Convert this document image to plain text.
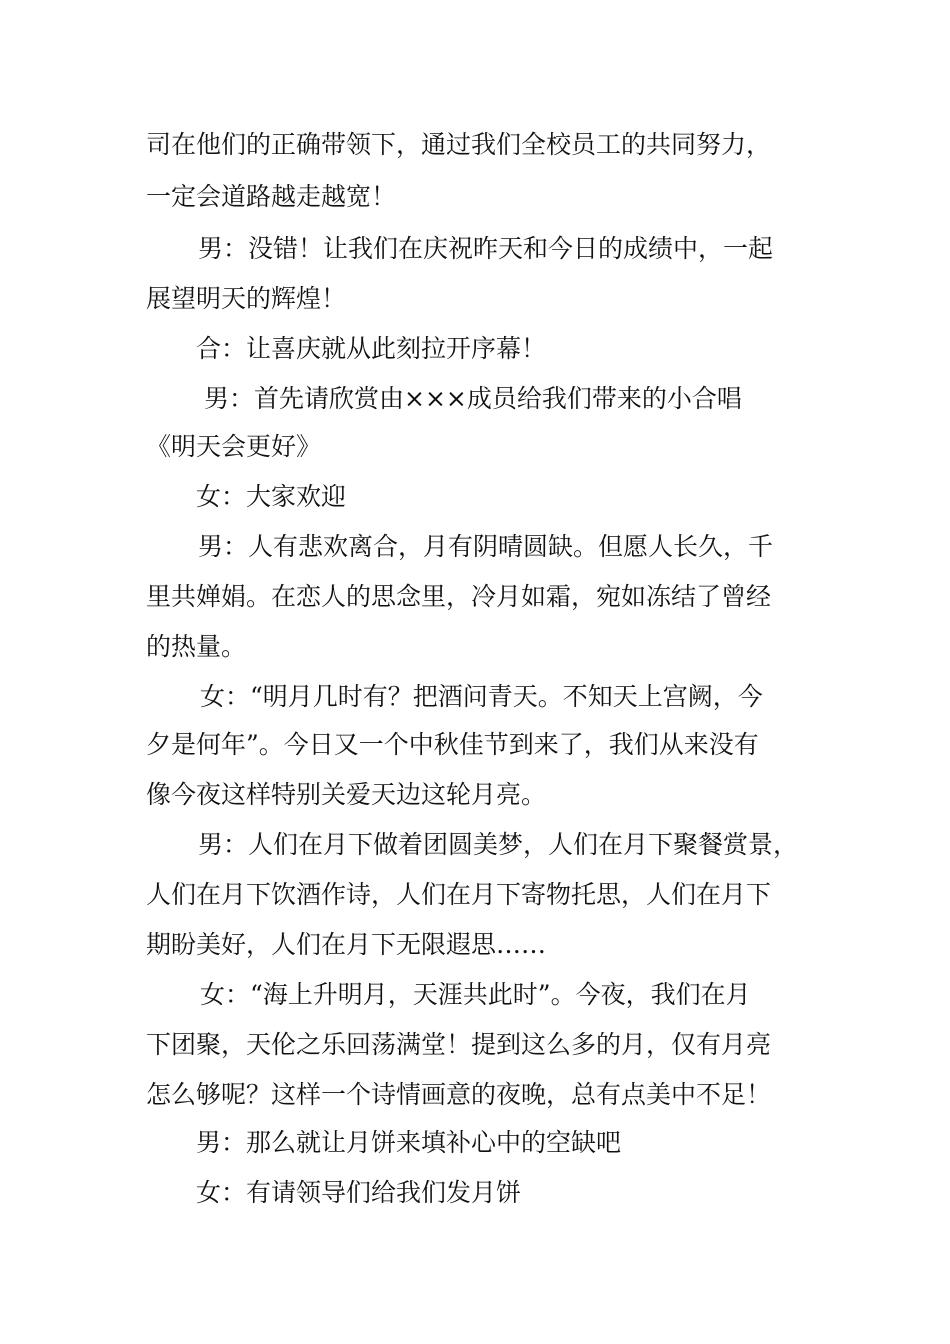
司在他们的正确带领下，通过我们全校员工的共同努力，
一定会道路越走越宽！
男：没错！让我们在庆祝昨天和今日的成绩中，一起
展望明天的辉煌！
合：让喜庆就从此刻拉开序幕！
男：首先请欣赏由×××成员给我们带来的小合唱
《明天会更好》
女：大家欢迎
男：人有悲欢离合，月有阴晴圆缺。但愿人长久，千
里共婵娟。在恋人的思念里，冷月如霜，宛如冻结了曾经
的热量。
女：“明月几时有？把酒问青天。不知天上宫阙，今
夕是何年”。今日又一个中秋佳节到来了，我们从来没有
像今夜这样特别关爱天边这轮月亮。
男：人们在月下做着团圆美梦，人们在月下聚餐赏景，
人们在月下饮酒作诗，人们在月下寄物托思，人们在月下
期盼美好，人们在月下无限遐思……
女：“海上升明月，天涯共此时”。今夜，我们在月
下团聚，天伦之乐回荡满堂！提到这么多的月，仅有月亮
怎么够呢？这样一个诗情画意的夜晚，总有点美中不足！
男：那么就让月饼来填补心中的空缺吧
女：有请领导们给我们发月饼
